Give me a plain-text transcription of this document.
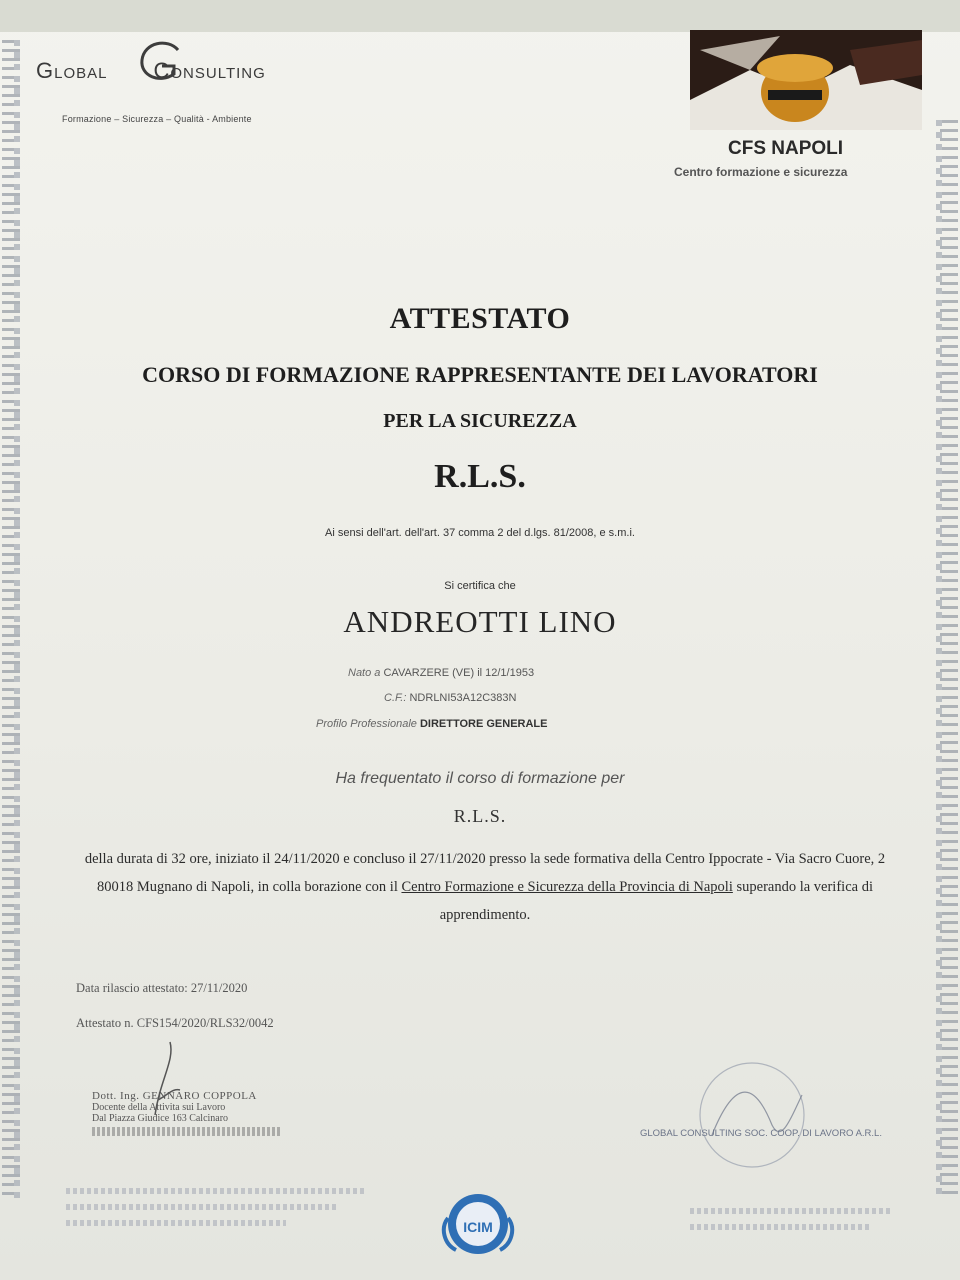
Global Consulting
Formazione – Sicurezza – Qualità - Ambiente
CFS NAPOLI
Centro formazione e sicurezza
ATTESTATO
CORSO DI FORMAZIONE RAPPRESENTANTE DEI LAVORATORI
PER LA SICUREZZA
R.L.S.
Ai sensi dell'art. dell'art. 37 comma 2 del d.lgs. 81/2008, e s.m.i.
Si certifica che
ANDREOTTI LINO
Nato a CAVARZERE (VE) il 12/1/1953
C.F.: NDRLNI53A12C383N
Profilo Professionale DIRETTORE GENERALE
Ha frequentato il corso di formazione per
R.L.S.
della durata di 32 ore, iniziato il 24/11/2020 e concluso il 27/11/2020 presso la sede formativa della Centro Ippocrate - Via Sacro Cuore, 2 80018 Mugnano di Napoli, in colla borazione con il Centro Formazione e Sicurezza della Provincia di Napoli superando la verifica di apprendimento.
Data rilascio attestato: 27/11/2020
Attestato n. CFS154/2020/RLS32/0042
Dott. Ing. GENNARO COPPOLA
Docente della Attivita sui Lavoro
Dal Piazza Giudice 163 Calcinaro
GLOBAL CONSULTING SOC. COOP. DI LAVORO A.R.L.
ICIM
